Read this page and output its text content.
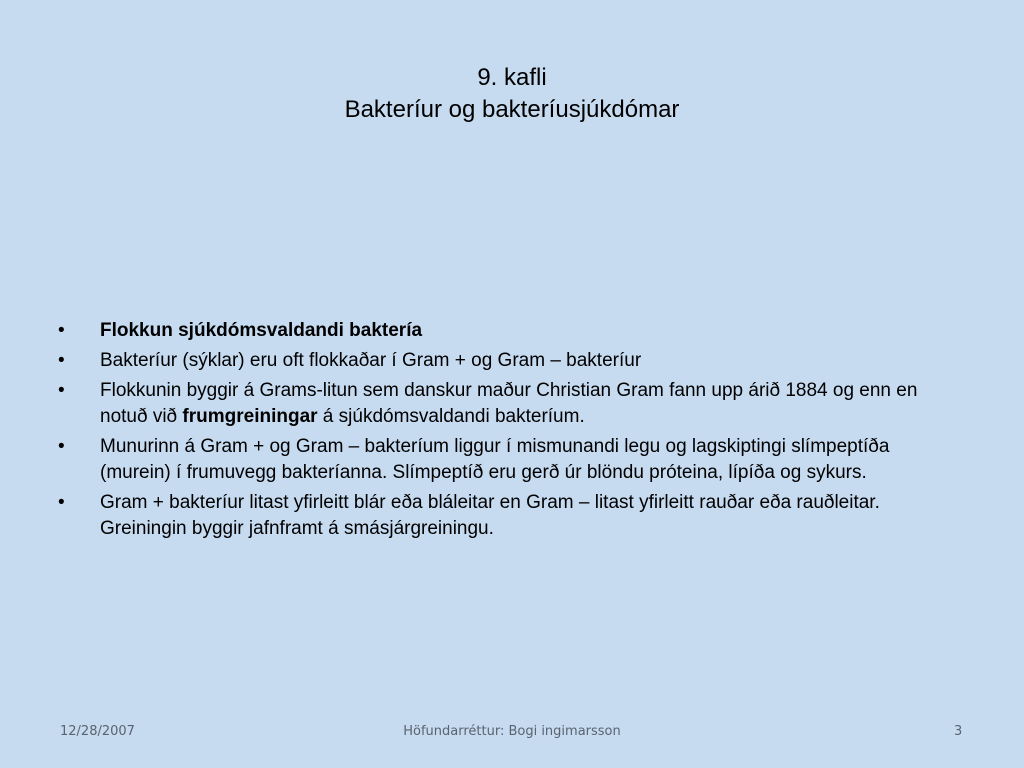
9. kafli
Bakteríur og bakteríusjúkdómar
•	Flokkun sjúkdómsvaldandi baktería
•	Bakteríur (sýklar) eru oft flokkaðar í Gram + og Gram – bakteríur
•	Flokkunin byggir á Grams-litun sem danskur maður Christian Gram fann upp árið 1884 og enn en notuð við frumgreiningar á sjúkdómsvaldandi bakteríum.
•	Munurinn á Gram + og Gram – bakteríum liggur í mismunandi legu og lagskiptingi slímpeptíða (murein) í frumuvegg bakteríanna. Slímpeptíð eru gerð úr blöndu próteina, lípíða og sykurs.
•	Gram + bakteríur litast yfirleitt blár eða bláleitar en Gram – litast yfirleitt rauðar eða rauðleitar. Greiningin byggir jafnframt á smásjárgreiningu.
12/28/2007	Höfundarréttur: Bogi ingimarsson	3
